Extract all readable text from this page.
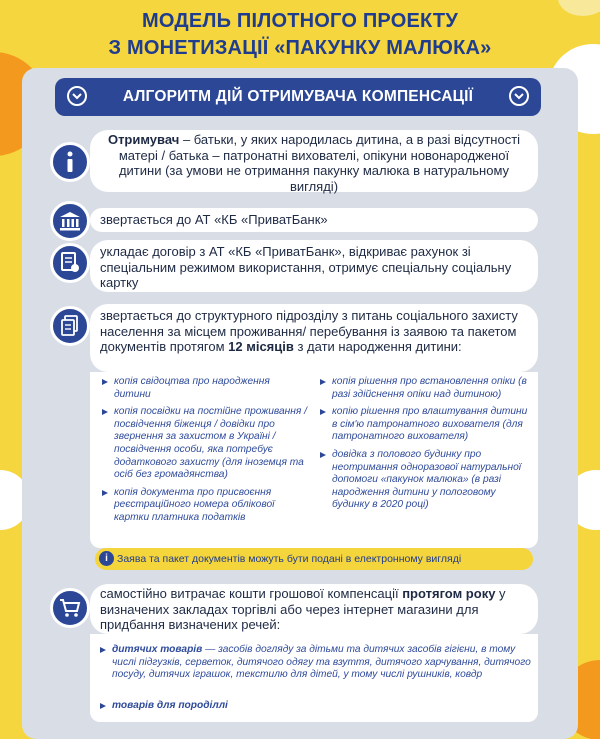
МОДЕЛЬ ПІЛОТНОГО ПРОЕКТУ
З МОНЕТИЗАЦІЇ «ПАКУНКУ МАЛЮКА»
АЛГОРИТМ ДІЙ ОТРИМУВАЧА КОМПЕНСАЦІЇ
Отримувач – батьки, у яких народилась дитина, а в разі відсутності матері / батька – патронатні вихователі, опікуни новонародженої дитини (за умови не отримання пакунку малюка в натуральному вигляді)
звертається до АТ «КБ «ПриватБанк»
укладає договір з АТ «КБ «ПриватБанк», відкриває рахунок зі спеціальним режимом використання, отримує спеціальну соціальну картку
звертається до структурного підрозділу з питань соціального захисту населення за місцем проживання/ перебування із заявою та пакетом документів протягом 12 місяців з дати народження дитини:
копія свідоцтва про народження дитини
копія посвідки на постійне проживання / посвідчення біженця / довідки про звернення за захистом в Україні / посвідчення особи, яка потребує додаткового захисту (для іноземця та осіб без громадянства)
копія документа про присвоєння реєстраційного номера облікової картки платника податків
копія рішення про встановлення опіки (в разі здійснення опіки над дитиною)
копію рішення про влаштування дитини в сім'ю патронатного вихователя (для патронатного вихователя)
довідка з полового будинку про неотримання одноразової натуральної допомоги «пакунок малюка» (в разі народження дитини у пологовому будинку в 2020 році)
i Заява та пакет документів можуть бути подані в електронному вигляді
самостійно витрачає кошти грошової компенсації протягом року у визначених закладах торгівлі або через інтернет магазини для придбання визначених речей:
дитячих товарів — засобів догляду за дітьми та дитячих засобів гігієни, в тому числі підгузків, серветок, дитячого одягу та взуття, дитячого харчування, дитячого посуду, дитячих іграшок, текстилю для дітей, у тому числі рушників, ковдр
товарів для породіллі
